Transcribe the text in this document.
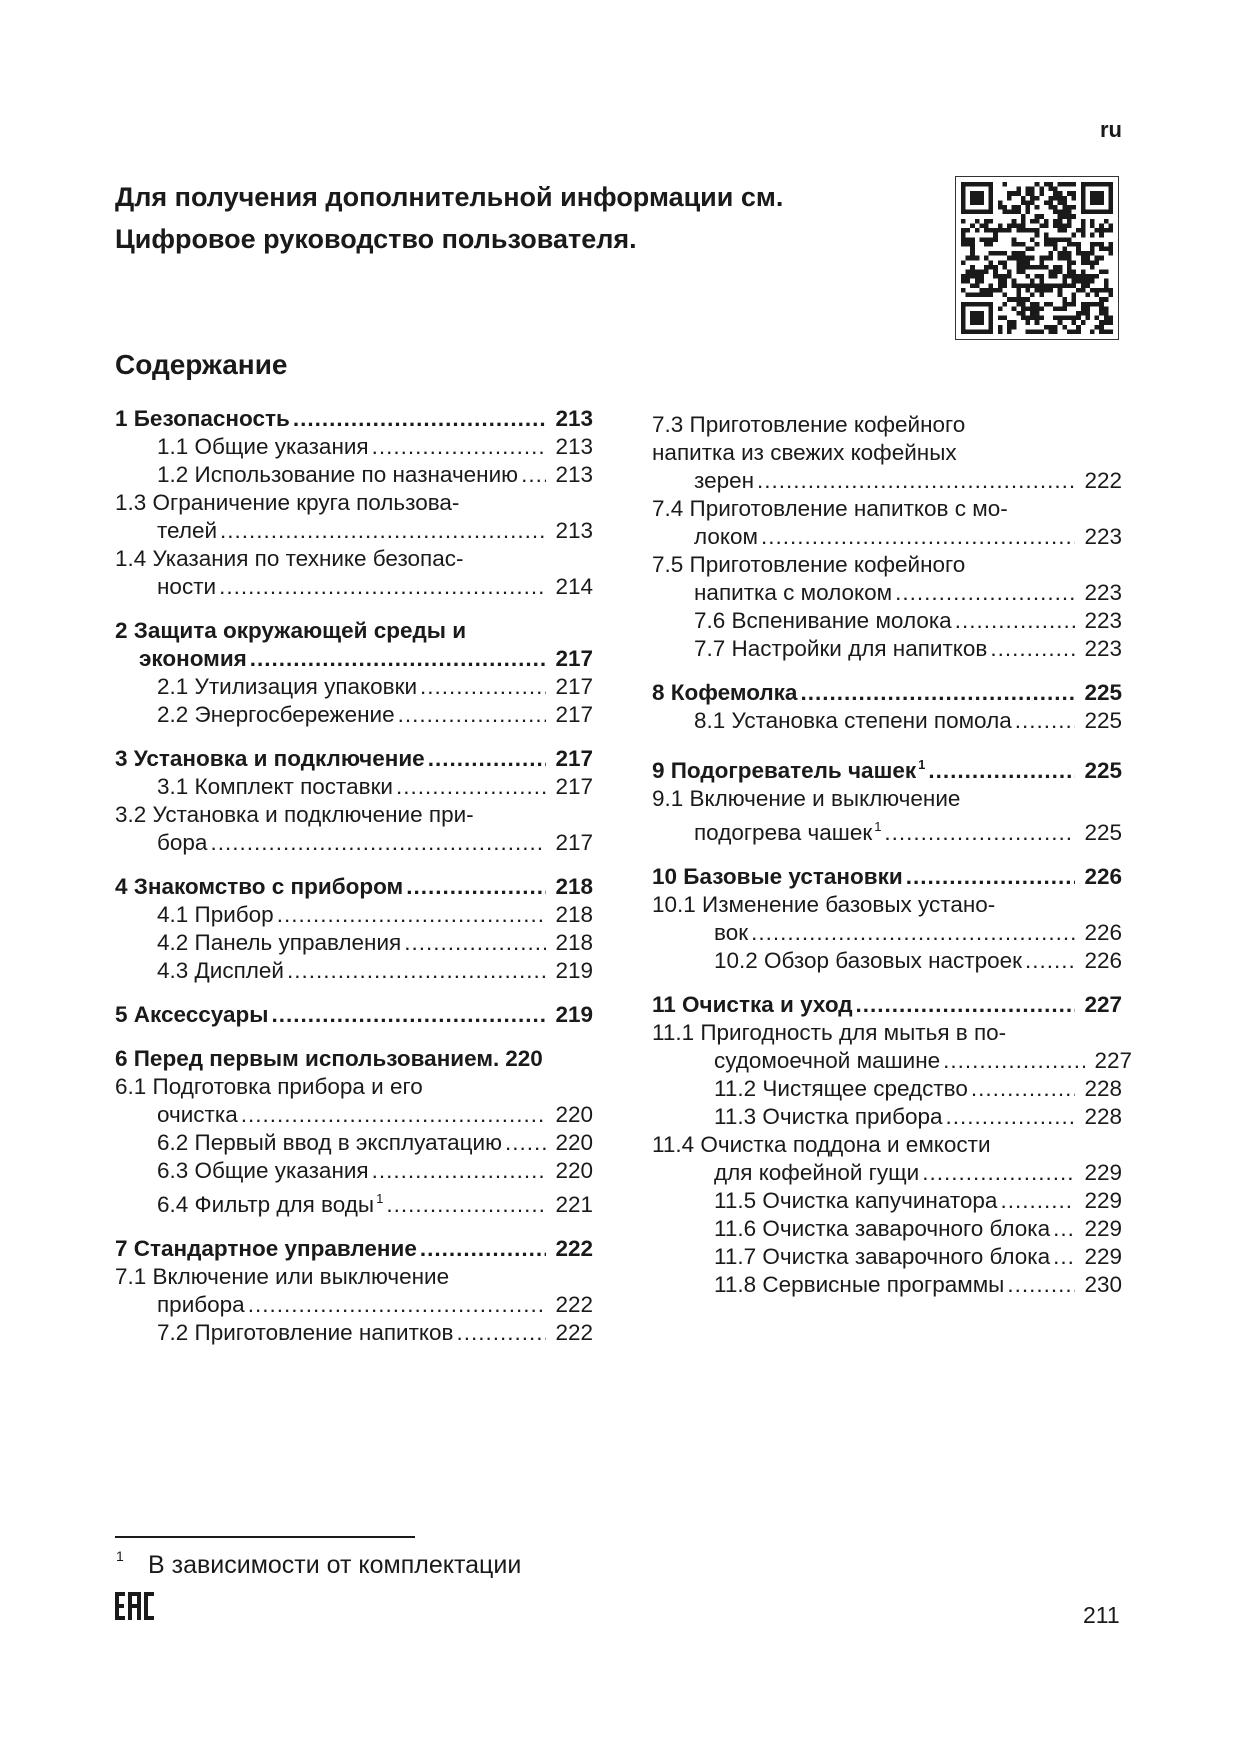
ru
Для получения дополнительной информации см.
Цифровое руководство пользователя.
Содержание
1 Безопасность .....	213
1.1 Общие указания .....	213
1.2 Использование по назначению ..... 213
1.3 Ограничение круга пользова-
телей .....	213
1.4 Указания по технике безопас-
ности .....	214
2 Защита окружающей среды и
экономия .....	217
2.1 Утилизация упаковки .....	217
2.2 Энергосбережение .....	217
3 Установка и подключение .....	217
3.1 Комплект поставки .....	217
3.2 Установка и подключение при-
бора .....	217
4 Знакомство с прибором .....	218
4.1 Прибор .....	218
4.2 Панель управления .....	218
4.3 Дисплей .....	219
5 Аксессуары .....	219
6 Перед первым использованием. 220
6.1 Подготовка прибора и его
очистка .....	220
6.2 Первый ввод в эксплуатацию ..... 220
6.3 Общие указания .....	220
6.4 Фильтр для воды $^1$ .....	221
7 Стандартное управление .....	222
7.1 Включение или выключение
прибора .....	222
7.2 Приготовление напитков .....	222
7.3 Приготовление кофейного
напитка из свежих кофейных
зерен .....	222
7.4 Приготовление напитков с мо-
локом .....	223
7.5 Приготовление кофейного
напитка с молоком .....	223
7.6 Вспенивание молока .....	223
7.7 Настройки для напитков .....	223
8 Кофемолка .....	225
8.1 Установка степени помола .....	225
9 Подогреватель чашек $^1$ .....	225
9.1 Включение и выключение
подогрева чашек $^1$ .....	225
10 Базовые установки .....	226
10.1 Изменение базовых устано-
вок .....	226
10.2 Обзор базовых настроек .....	226
11 Очистка и уход .....	227
11.1 Пригодность для мытья в по-
судомоечной машине .....	227
11.2 Чистящее средство .....	228
11.3 Очистка прибора .....	228
11.4 Очистка поддона и емкости
для кофейной гущи .....	229
11.5 Очистка капучинатора .....	229
11.6 Очистка заварочного блока ..... 229
11.7 Очистка заварочного блока ..... 229
11.8 Сервисные программы .....	230
1 В зависимости от комплектации
211
